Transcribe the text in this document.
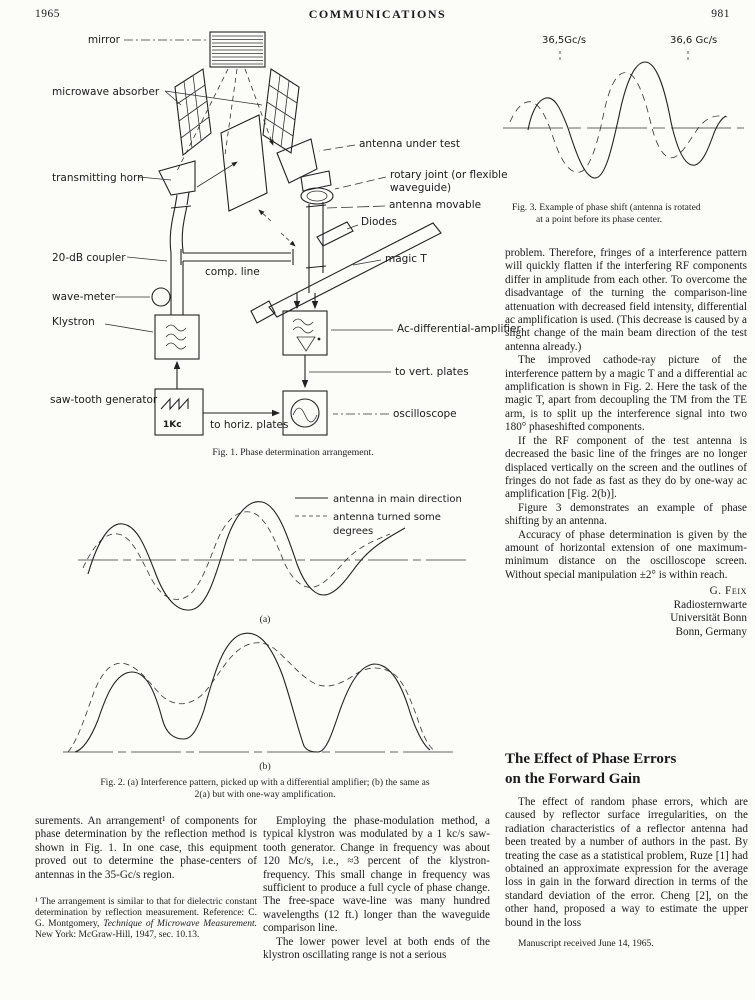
1965	COMMUNICATIONS	981
mirror
microwave absorber
transmitting horn
comp. line
20-dB coupler
wave-meter
Klystron
1Kc
saw-tooth generator
to horiz. plates
antenna under test
rotary joint (or flexible
waveguide)
antenna movable
Diodes
magic T
Ac-differential-amplifier
to vert. plates
oscilloscope
Fig. 1. Phase determination arrangement.
antenna in main direction
antenna turned some
degrees
(a)
(b)
Fig. 2. (a) Interference pattern, picked up with a differential amplifier; (b) the same as
2(a) but with one-way amplification.
36,5Gc/s	36,6 Gc/s
Fig. 3. Example of phase shift (antenna is rotated
at a point before its phase center.

problem. Therefore, fringes of a interference pattern will quickly flatten if the interfering RF components differ in amplitude from each other. To overcome the disadvantage of the turning the comparison-line attenuation with decreased field intensity, differential ac amplification is used. (This decrease is caused by a slight change of the main beam direction of the test antenna already.)

The improved cathode-ray picture of the interference pattern by a magic T and a differential ac amplification is shown in Fig. 2. Here the task of the magic T, apart from decoupling the TM from the TE arm, is to split up the interference signal into two 180° phaseshifted components.

If the RF component of the test antenna is decreased the basic line of the fringes are no longer displaced vertically on the screen and the outlines of fringes do not fade as fast as they do by one-way ac amplification [Fig. 2(b)].

Figure 3 demonstrates an example of phase shifting by an antenna.

Accuracy of phase determination is given by the amount of horizontal extension of one maximum-minimum distance on the oscilloscope screen. Without special manipulation ±2° is within reach.

G. Feix
Radiosternwarte
Universität Bonn
Bonn, Germany
The Effect of Phase Errors
on the Forward Gain

The effect of random phase errors, which are caused by reflector surface irregularities, on the radiation characteristics of a reflector antenna had been treated by a number of authors in the past. By treating the case as a statistical problem, Ruze [1] had obtained an approximate expression for the average loss in gain in the forward direction in terms of the standard deviation of the error. Cheng [2], on the other hand, proposed a way to estimate the upper bound in the loss

Manuscript received June 14, 1965.

surements. An arrangement¹ of components for phase determination by the reflection method is shown in Fig. 1. In one case, this equipment proved out to determine the phase-centers of antennas in the 35-Gc/s region.

¹ The arrangement is similar to that for dielectric constant determination by reflection measurement. Reference: C. G. Montgomery, Technique of Microwave Measurement. New York: McGraw-Hill, 1947, sec. 10.13.

Employing the phase-modulation method, a typical klystron was modulated by a 1 kc/s saw-tooth generator. Change in frequency was about 120 Mc/s, i.e., ≈3 percent of the klystron-frequency. This small change in frequency was sufficient to produce a full cycle of phase change. The free-space wave-line was many hundred wavelengths (12 ft.) longer than the waveguide comparison line.

The lower power level at both ends of the klystron oscillating range is not a serious
